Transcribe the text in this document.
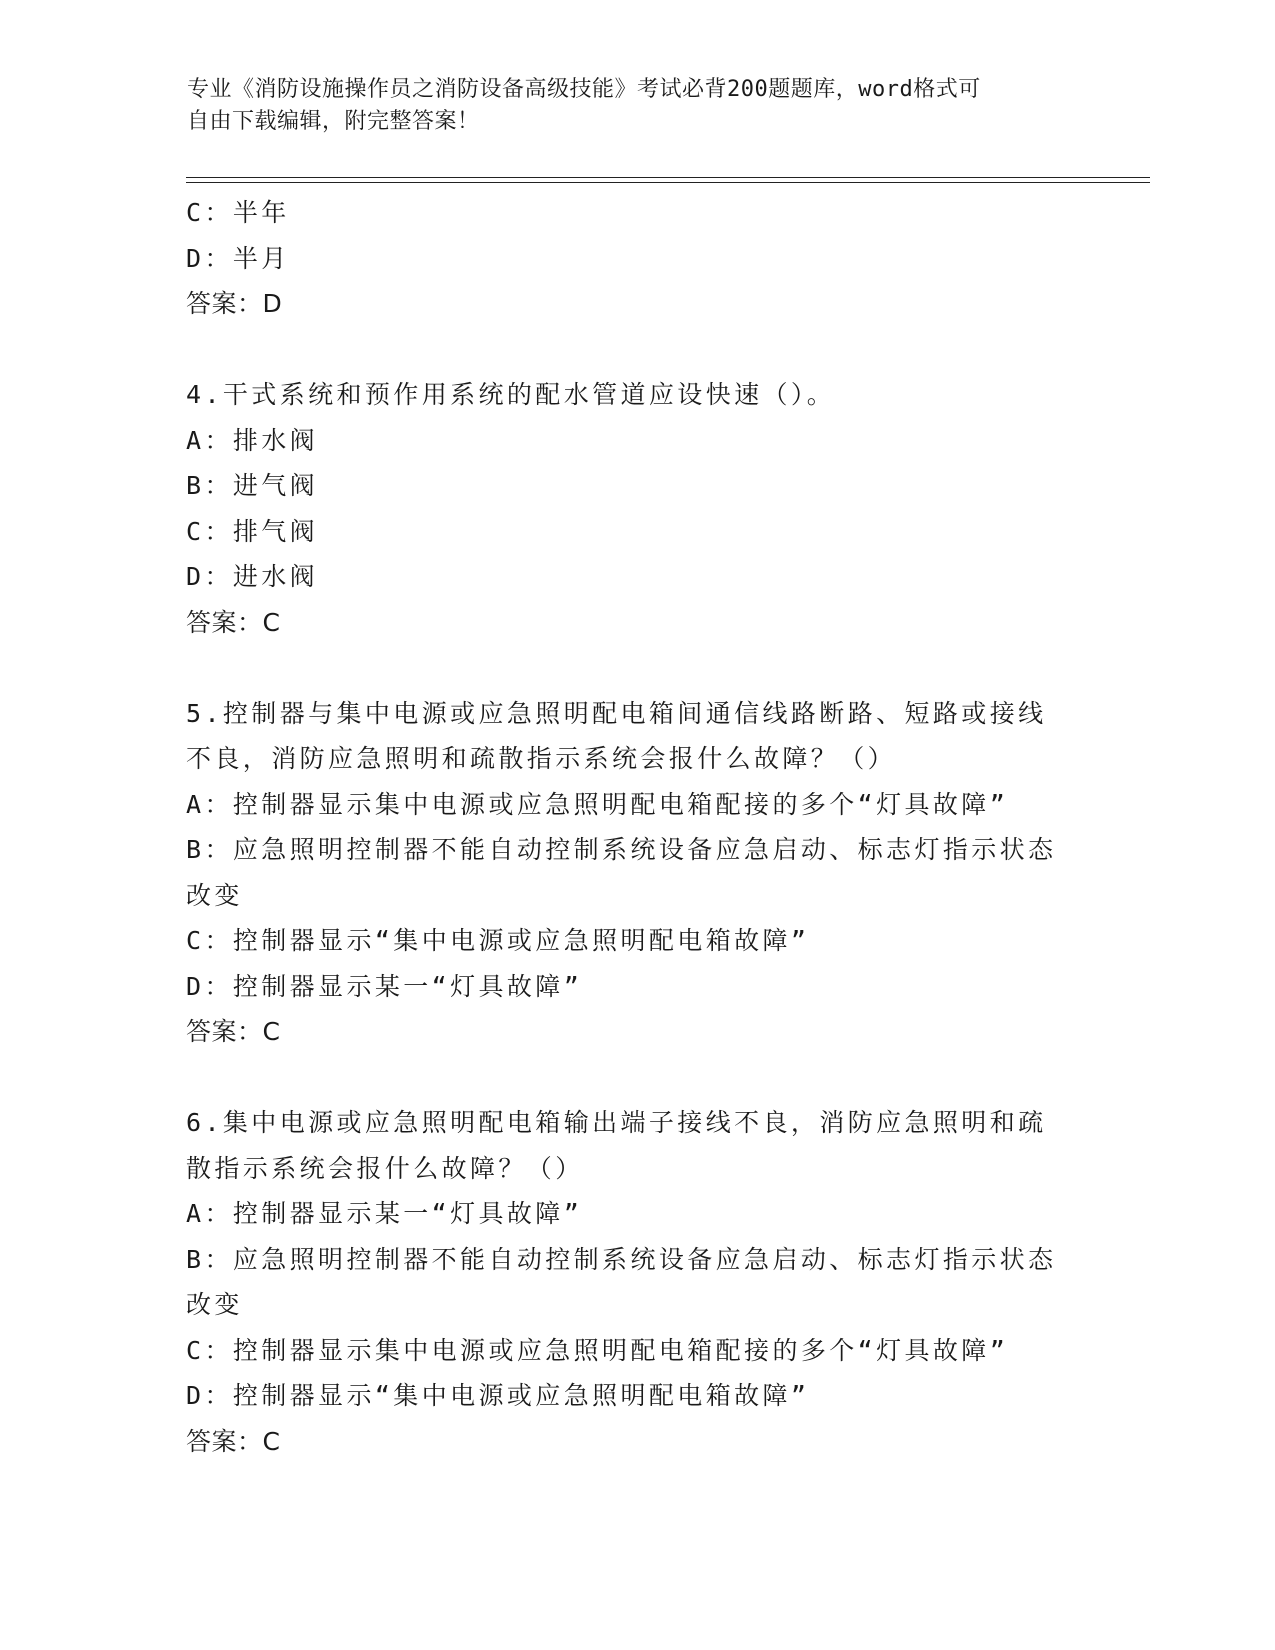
专业《消防设施操作员之消防设备高级技能》考试必背200题题库，word格式可
自由下载编辑，附完整答案！
C：半年
D：半月
答案：D
4.干式系统和预作用系统的配水管道应设快速（）。
A：排水阀
B：进气阀
C：排气阀
D：进水阀
答案：C
5.控制器与集中电源或应急照明配电箱间通信线路断路、短路或接线
不良，消防应急照明和疏散指示系统会报什么故障？（）
A：控制器显示集中电源或应急照明配电箱配接的多个“灯具故障”
B：应急照明控制器不能自动控制系统设备应急启动、标志灯指示状态
改变
C：控制器显示“集中电源或应急照明配电箱故障”
D：控制器显示某一“灯具故障”
答案：C
6.集中电源或应急照明配电箱输出端子接线不良，消防应急照明和疏
散指示系统会报什么故障？（）
A：控制器显示某一“灯具故障”
B：应急照明控制器不能自动控制系统设备应急启动、标志灯指示状态
改变
C：控制器显示集中电源或应急照明配电箱配接的多个“灯具故障”
D：控制器显示“集中电源或应急照明配电箱故障”
答案：C
